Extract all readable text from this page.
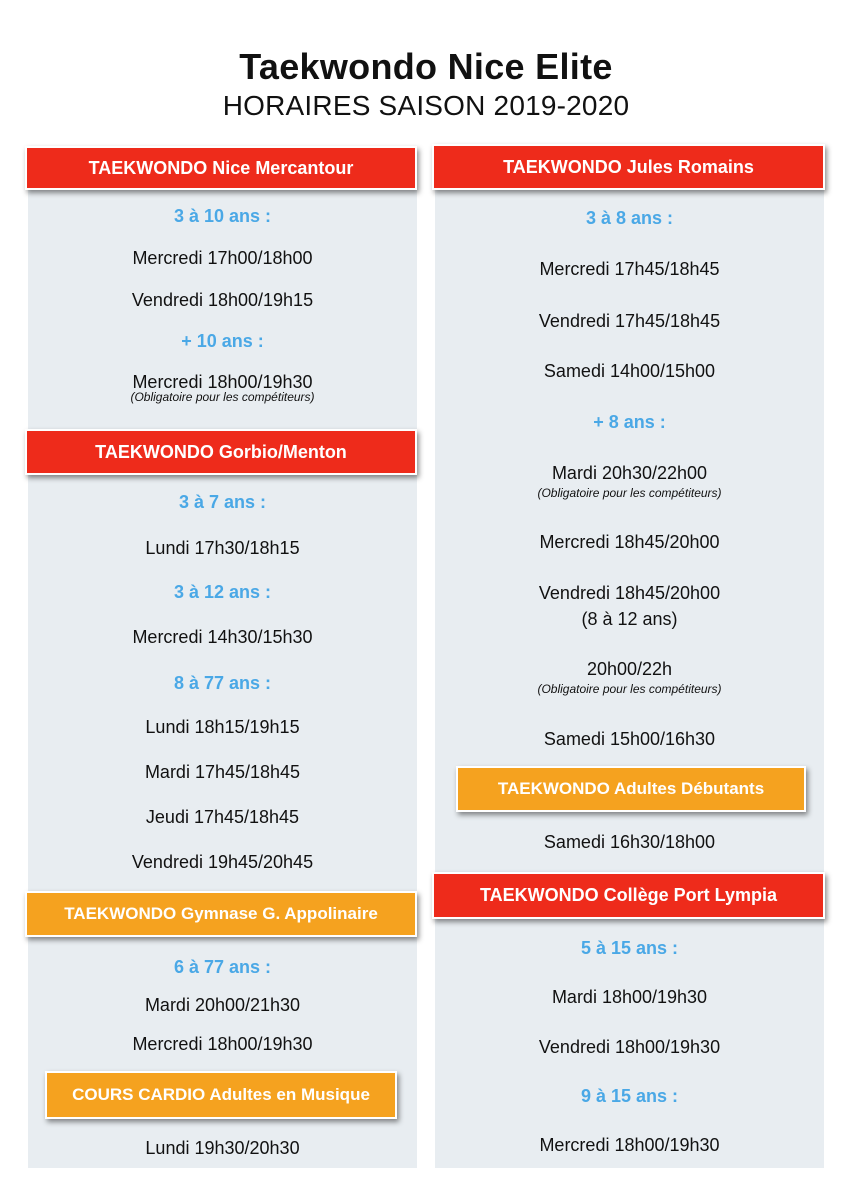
Taekwondo Nice Elite
HORAIRES SAISON 2019-2020
TAEKWONDO Nice Mercantour
3 à 10 ans :
Mercredi 17h00/18h00
Vendredi 18h00/19h15
+ 10 ans :
Mercredi 18h00/19h30
(Obligatoire pour les compétiteurs)
TAEKWONDO Gorbio/Menton
3 à 7 ans :
Lundi 17h30/18h15
3 à 12 ans :
Mercredi 14h30/15h30
8 à 77 ans :
Lundi 18h15/19h15
Mardi 17h45/18h45
Jeudi 17h45/18h45
Vendredi 19h45/20h45
TAEKWONDO Gymnase G. Appolinaire
6 à 77 ans :
Mardi 20h00/21h30
Mercredi 18h00/19h30
COURS CARDIO Adultes en Musique
Lundi 19h30/20h30
TAEKWONDO Jules Romains
3 à 8 ans :
Mercredi 17h45/18h45
Vendredi 17h45/18h45
Samedi 14h00/15h00
+ 8 ans :
Mardi 20h30/22h00
(Obligatoire pour les compétiteurs)
Mercredi 18h45/20h00
Vendredi 18h45/20h00
(8 à 12 ans)
20h00/22h
(Obligatoire pour les compétiteurs)
Samedi 15h00/16h30
TAEKWONDO Adultes Débutants
Samedi 16h30/18h00
TAEKWONDO Collège Port Lympia
5 à 15 ans :
Mardi 18h00/19h30
Vendredi 18h00/19h30
9 à 15 ans :
Mercredi 18h00/19h30
